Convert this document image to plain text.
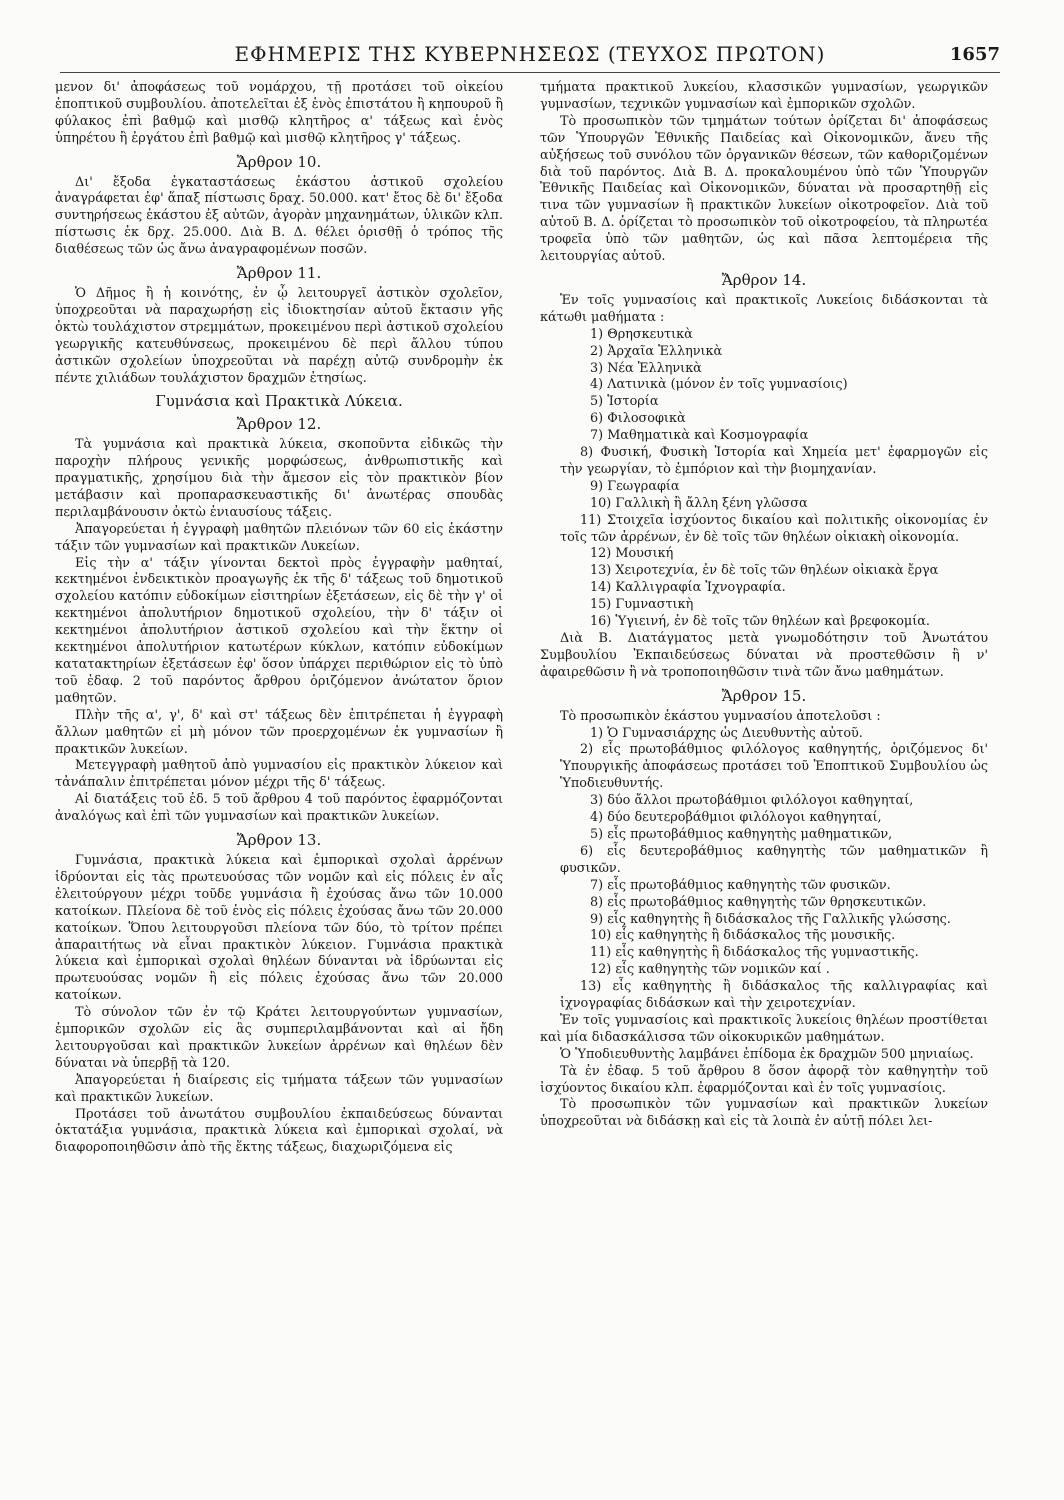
ΕΦΗΜΕΡΙΣ ΤΗΣ ΚΥΒΕΡΝΗΣΕΩΣ (ΤΕΥΧΟΣ ΠΡΩΤΟΝ)	1657

μενον δι' ἀποφάσεως τοῦ νομάρχου, τῇ προτάσει τοῦ οἰκείου ἐποπτικοῦ συμβουλίου. ἀποτελεῖται ἐξ ἑνὸς ἐπιστάτου ἢ κηπουροῦ ἢ φύλακος ἐπὶ βαθμῷ καὶ μισθῷ κλητῆρος α' τάξεως καὶ ἑνὸς ὑπηρέτου ἢ ἐργάτου ἐπὶ βαθμῷ καὶ μισθῷ κλητῆρος γ' τάξεως.

Ἄρθρον 10.

Δι' ἔξοδα ἐγκαταστάσεως ἑκάστου ἀστικοῦ σχολείου ἀναγράφεται ἐφ' ἅπαξ πίστωσις δραχ. 50.000. κατ' ἔτος δὲ δι' ἔξοδα συντηρήσεως ἑκάστου ἐξ αὐτῶν, ἀγορὰν μηχανημάτων, ὑλικῶν κλπ. πίστωσις ἐκ δρχ. 25.000. Διὰ Β. Δ. θέλει ὁρισθῇ ὁ τρόπος τῆς διαθέσεως τῶν ὡς ἄνω ἀναγραφομένων ποσῶν.

Ἄρθρον 11.

Ὁ Δῆμος ἢ ἡ κοινότης, ἐν ᾧ λειτουργεῖ ἀστικὸν σχολεῖον, ὑποχρεοῦται νὰ παραχωρήσῃ εἰς ἰδιοκτησίαν αὐτοῦ ἔκτασιν γῆς ὀκτὼ τουλάχιστον στρεμμάτων, προκειμένου περὶ ἀστικοῦ σχολείου γεωργικῆς κατευθύνσεως, προκειμένου δὲ περὶ ἄλλου τύπου ἀστικῶν σχολείων ὑποχρεοῦται νὰ παρέχῃ αὐτῷ συνδρομὴν ἐκ πέντε χιλιάδων τουλάχιστον δραχμῶν ἐτησίως.

Γυμνάσια καὶ Πρακτικὰ Λύκεια.
Ἄρθρον 12.

Τὰ γυμνάσια καὶ πρακτικὰ λύκεια, σκοποῦντα εἰδικῶς τὴν παροχὴν πλήρους γενικῆς μορφώσεως, ἀνθρωπιστικῆς καὶ πραγματικῆς, χρησίμου διὰ τὴν ἄμεσον εἰς τὸν πρακτικὸν βίον μετάβασιν καὶ προπαρασκευαστικῆς δι' ἀνωτέρας σπουδὰς περιλαμβάνουσιν ὀκτὼ ἐνιαυσίους τάξεις.

Ἀπαγορεύεται ἡ ἐγγραφὴ μαθητῶν πλειόνων τῶν 60 εἰς ἑκάστην τάξιν τῶν γυμνασίων καὶ πρακτικῶν Λυκείων.

Εἰς τὴν α' τάξιν γίνονται δεκτοὶ πρὸς ἐγγραφὴν μαθηταί, κεκτημένοι ἐνδεικτικὸν προαγωγῆς ἐκ τῆς δ' τάξεως τοῦ δημοτικοῦ σχολείου κατόπιν εὐδοκίμων εἰσιτηρίων ἐξετάσεων, εἰς δὲ τὴν γ' οἱ κεκτημένοι ἀπολυτήριον δημοτικοῦ σχολείου, τὴν δ' τάξιν οἱ κεκτημένοι ἀπολυτήριον ἀστικοῦ σχολείου καὶ τὴν ἕκτην οἱ κεκτημένοι ἀπολυτήριον κατωτέρων κύκλων, κατόπιν εὐδοκίμων κατατακτηρίων ἐξετάσεων ἐφ' ὅσον ὑπάρχει περιθώριον εἰς τὸ ὑπὸ τοῦ ἐδαφ. 2 τοῦ παρόντος ἄρθρου ὁριζόμενον ἀνώτατον ὅριον μαθητῶν.

Πλὴν τῆς α', γ', δ' καὶ στ' τάξεως δὲν ἐπιτρέπεται ἡ ἐγγραφὴ ἄλλων μαθητῶν εἰ μὴ μόνον τῶν προερχομένων ἐκ γυμνασίων ἢ πρακτικῶν λυκείων.

Μετεγγραφὴ μαθητοῦ ἀπὸ γυμνασίου εἰς πρακτικὸν λύκειον καὶ τἀνάπαλιν ἐπιτρέπεται μόνον μέχρι τῆς δ' τάξεως.

Αἱ διατάξεις τοῦ ἐδ. 5 τοῦ ἄρθρου 4 τοῦ παρόντος ἐφαρμόζονται ἀναλόγως καὶ ἐπὶ τῶν γυμνασίων καὶ πρακτικῶν λυκείων.

Ἄρθρον 13.

Γυμνάσια, πρακτικὰ λύκεια καὶ ἐμπορικαὶ σχολαὶ ἀρρένων ἱδρύονται εἰς τὰς πρωτευούσας τῶν νομῶν καὶ εἰς πόλεις ἐν αἷς ἐλειτούργουν μέχρι τοῦδε γυμνάσια ἢ ἐχούσας ἄνω τῶν 10.000 κατοίκων. Πλείονα δὲ τοῦ ἑνὸς εἰς πόλεις ἐχούσας ἄνω τῶν 20.000 κατοίκων. Ὅπου λειτουργοῦσι πλείονα τῶν δύο, τὸ τρίτον πρέπει ἀπαραιτήτως νὰ εἶναι πρακτικὸν λύκειον. Γυμνάσια πρακτικὰ λύκεια καὶ ἐμπορικαὶ σχολαὶ θηλέων δύνανται νὰ ἱδρύωνται εἰς πρωτευούσας νομῶν ἢ εἰς πόλεις ἐχούσας ἄνω τῶν 20.000 κατοίκων.

Τὸ σύνολον τῶν ἐν τῷ Κράτει λειτουργούντων γυμνασίων, ἐμπορικῶν σχολῶν εἰς ἃς συμπεριλαμβάνονται καὶ αἱ ἤδη λειτουργοῦσαι καὶ πρακτικῶν λυκείων ἀρρένων καὶ θηλέων δὲν δύναται νὰ ὑπερβῇ τὰ 120.

Ἀπαγορεύεται ἡ διαίρεσις εἰς τμήματα τάξεων τῶν γυμνασίων καὶ πρακτικῶν λυκείων.

Προτάσει τοῦ ἀνωτάτου συμβουλίου ἐκπαιδεύσεως δύνανται ὁκτατάξια γυμνάσια, πρακτικὰ λύκεια καὶ ἐμπορικαὶ σχολαί, νὰ διαφοροποιηθῶσιν ἀπὸ τῆς ἕκτης τάξεως, διαχωριζόμενα εἰς

τμήματα πρακτικοῦ λυκείου, κλασσικῶν γυμνασίων, γεωργικῶν γυμνασίων, τεχνικῶν γυμνασίων καὶ ἐμπορικῶν σχολῶν.

Τὸ προσωπικὸν τῶν τμημάτων τούτων ὁρίζεται δι' ἀποφάσεως τῶν Ὑπουργῶν Ἐθνικῆς Παιδείας καὶ Οἰκονομικῶν, ἄνευ τῆς αὐξήσεως τοῦ συνόλου τῶν ὀργανικῶν θέσεων, τῶν καθοριζομένων διὰ τοῦ παρόντος. Διὰ Β. Δ. προκαλουμένου ὑπὸ τῶν Ὑπουργῶν Ἐθνικῆς Παιδείας καὶ Οἰκονομικῶν, δύναται νὰ προσαρτηθῇ εἰς τινα τῶν γυμνασίων ἢ πρακτικῶν λυκείων οἰκοτροφεῖον. Διὰ τοῦ αὐτοῦ Β. Δ. ὁρίζεται τὸ προσωπικὸν τοῦ οἰκοτροφείου, τὰ πληρωτέα τροφεῖα ὑπὸ τῶν μαθητῶν, ὡς καὶ πᾶσα λεπτομέρεια τῆς λειτουργίας αὐτοῦ.

Ἄρθρον 14.

Ἐν τοῖς γυμνασίοις καὶ πρακτικοῖς Λυκείοις διδάσκονται τὰ κάτωθι μαθήματα :

1) Θρησκευτικὰ

2) Ἀρχαῖα Ἑλληνικὰ

3) Νέα Ἑλληνικὰ

4) Λατινικὰ (μόνον ἐν τοῖς γυμνασίοις)

5) Ἱστορία

6) Φιλοσοφικὰ

7) Μαθηματικὰ καὶ Κοσμογραφία

8) Φυσική, Φυσικὴ Ἱστορία καὶ Χημεία μετ' ἐφαρμογῶν εἰς τὴν γεωργίαν, τὸ ἐμπόριον καὶ τὴν βιομηχανίαν.

9) Γεωγραφία

10) Γαλλικὴ ἢ ἄλλη ξένη γλῶσσα

11) Στοιχεῖα ἰσχύοντος δικαίου καὶ πολιτικῆς οἰκονομίας ἐν τοῖς τῶν ἀρρένων, ἐν δὲ τοῖς τῶν θηλέων οἰκιακὴ οἰκονομία.

12) Μουσική

13) Χειροτεχνία, ἐν δὲ τοῖς τῶν θηλέων οἰκιακὰ ἔργα

14) Καλλιγραφία Ἰχνογραφία.

15) Γυμναστικὴ

16) Ὑγιεινή, ἐν δὲ τοῖς τῶν θηλέων καὶ βρεφοκομία.

Διὰ Β. Διατάγματος μετὰ γνωμοδότησιν τοῦ Ἀνωτάτου Συμβουλίου Ἐκπαιδεύσεως δύναται νὰ προστεθῶσιν ἢ ν' ἀφαιρεθῶσιν ἢ νὰ τροποποιηθῶσιν τινὰ τῶν ἄνω μαθημάτων.

Ἄρθρον 15.

Τὸ προσωπικὸν ἑκάστου γυμνασίου ἀποτελοῦσι :

1) Ὁ Γυμνασιάρχης ὡς Διευθυντὴς αὐτοῦ.

2) εἷς πρωτοβάθμιος φιλόλογος καθηγητής, ὁριζόμενος δι' Ὑπουργικῆς ἀποφάσεως προτάσει τοῦ Ἐποπτικοῦ Συμβουλίου ὡς Ὑποδιευθυντής.

3) δύο ἄλλοι πρωτοβάθμιοι φιλόλογοι καθηγηταί,

4) δύο δευτεροβάθμιοι φιλόλογοι καθηγηταί,

5) εἷς πρωτοβάθμιος καθηγητὴς μαθηματικῶν,

6) εἷς δευτεροβάθμιος καθηγητὴς τῶν μαθηματικῶν ἢ φυσικῶν.

7) εἷς πρωτοβάθμιος καθηγητὴς τῶν φυσικῶν.

8) εἷς πρωτοβάθμιος καθηγητὴς τῶν θρησκευτικῶν.

9) εἷς καθηγητὴς ἢ διδάσκαλος τῆς Γαλλικῆς γλώσσης.

10) εἷς καθηγητὴς ἢ διδάσκαλος τῆς μουσικῆς.

11) εἷς καθηγητὴς ἢ διδάσκαλος τῆς γυμναστικῆς.

12) εἷς καθηγητὴς τῶν νομικῶν καί .

13) εἷς καθηγητὴς ἢ διδάσκαλος τῆς καλλιγραφίας καὶ ἰχνογραφίας διδάσκων καὶ τὴν χειροτεχνίαν.

Ἐν τοῖς γυμνασίοις καὶ πρακτικοῖς λυκείοις θηλέων προστίθεται καὶ μία διδασκάλισσα τῶν οἰκοκυρικῶν μαθημάτων.

Ὁ Ὑποδιευθυντὴς λαμβάνει ἐπίδομα ἐκ δραχμῶν 500 μηνιαίως.

Τὰ ἐν ἐδαφ. 5 τοῦ ἄρθρου 8 ὅσον ἀφορᾷ τὸν καθηγητὴν τοῦ ἰσχύοντος δικαίου κλπ. ἐφαρμόζονται καὶ ἐν τοῖς γυμνασίοις.

Τὸ προσωπικὸν τῶν γυμνασίων καὶ πρακτικῶν λυκείων ὑποχρεοῦται νὰ διδάσκῃ καὶ εἰς τὰ λοιπὰ ἐν αὐτῇ πόλει λει-
